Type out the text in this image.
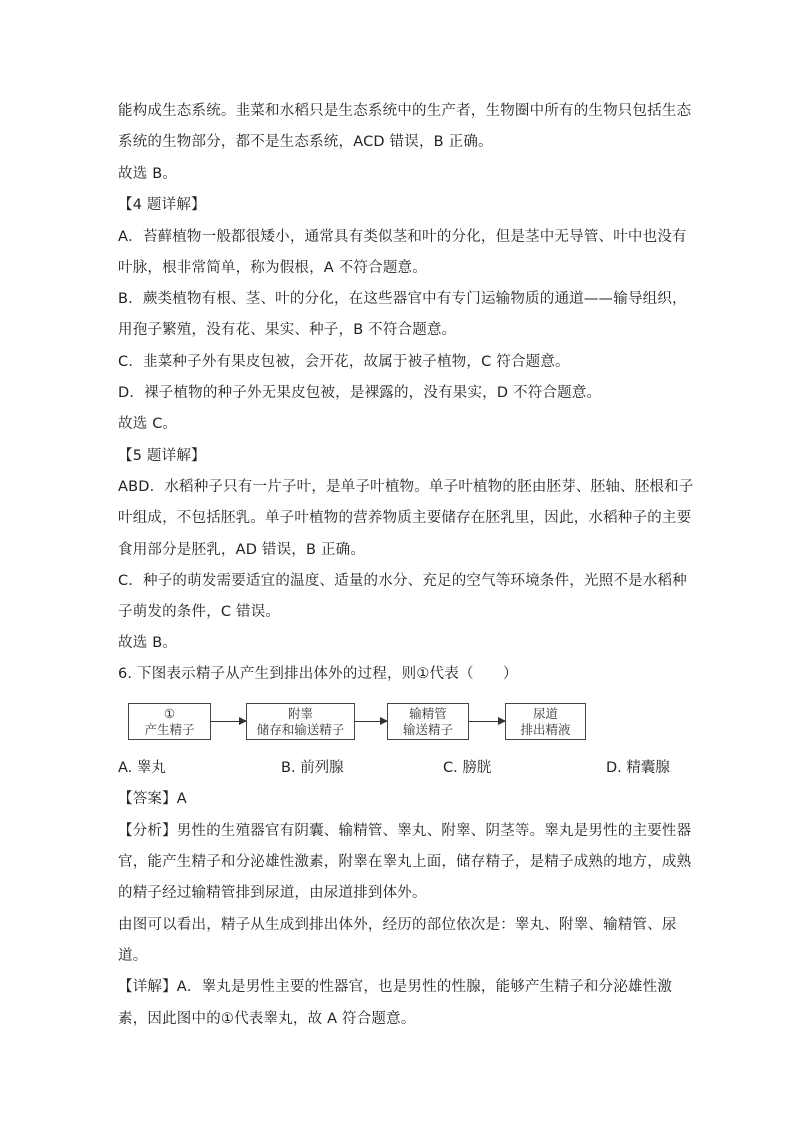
能构成生态系统。韭菜和水稻只是生态系统中的生产者，生物圈中所有的生物只包括生态
系统的生物部分，都不是生态系统，ACD 错误，B 正确。
故选 B。
【4 题详解】
A．苔藓植物一般都很矮小，通常具有类似茎和叶的分化，但是茎中无导管、叶中也没有
叶脉，根非常简单，称为假根，A 不符合题意。
B．蕨类植物有根、茎、叶的分化，在这些器官中有专门运输物质的通道——输导组织，
用孢子繁殖，没有花、果实、种子，B 不符合题意。
C．韭菜种子外有果皮包被，会开花，故属于被子植物，C 符合题意。
D．裸子植物的种子外无果皮包被，是裸露的，没有果实，D 不符合题意。
故选 C。
【5 题详解】
ABD．水稻种子只有一片子叶，是单子叶植物。单子叶植物的胚由胚芽、胚轴、胚根和子
叶组成，不包括胚乳。单子叶植物的营养物质主要储存在胚乳里，因此，水稻种子的主要
食用部分是胚乳，AD 错误，B 正确。
C．种子的萌发需要适宜的温度、适量的水分、充足的空气等环境条件，光照不是水稻种
子萌发的条件，C 错误。
故选 B。
6. 下图表示精子从产生到排出体外的过程，则①代表（　　）
①
产生精子
附睾
储存和输送精子
输精管
输送精子
尿道
排出精液
A. 睾丸	B. 前列腺	C. 膀胱	D. 精囊腺
【答案】A
【分析】男性的生殖器官有阴囊、输精管、睾丸、附睾、阴茎等。睾丸是男性的主要性器
官，能产生精子和分泌雄性激素，附睾在睾丸上面，储存精子，是精子成熟的地方，成熟
的精子经过输精管排到尿道，由尿道排到体外。
由图可以看出，精子从生成到排出体外，经历的部位依次是：睾丸、附睾、输精管、尿
道。
【详解】A．睾丸是男性主要的性器官，也是男性的性腺，能够产生精子和分泌雄性激
素，因此图中的①代表睾丸，故 A 符合题意。
